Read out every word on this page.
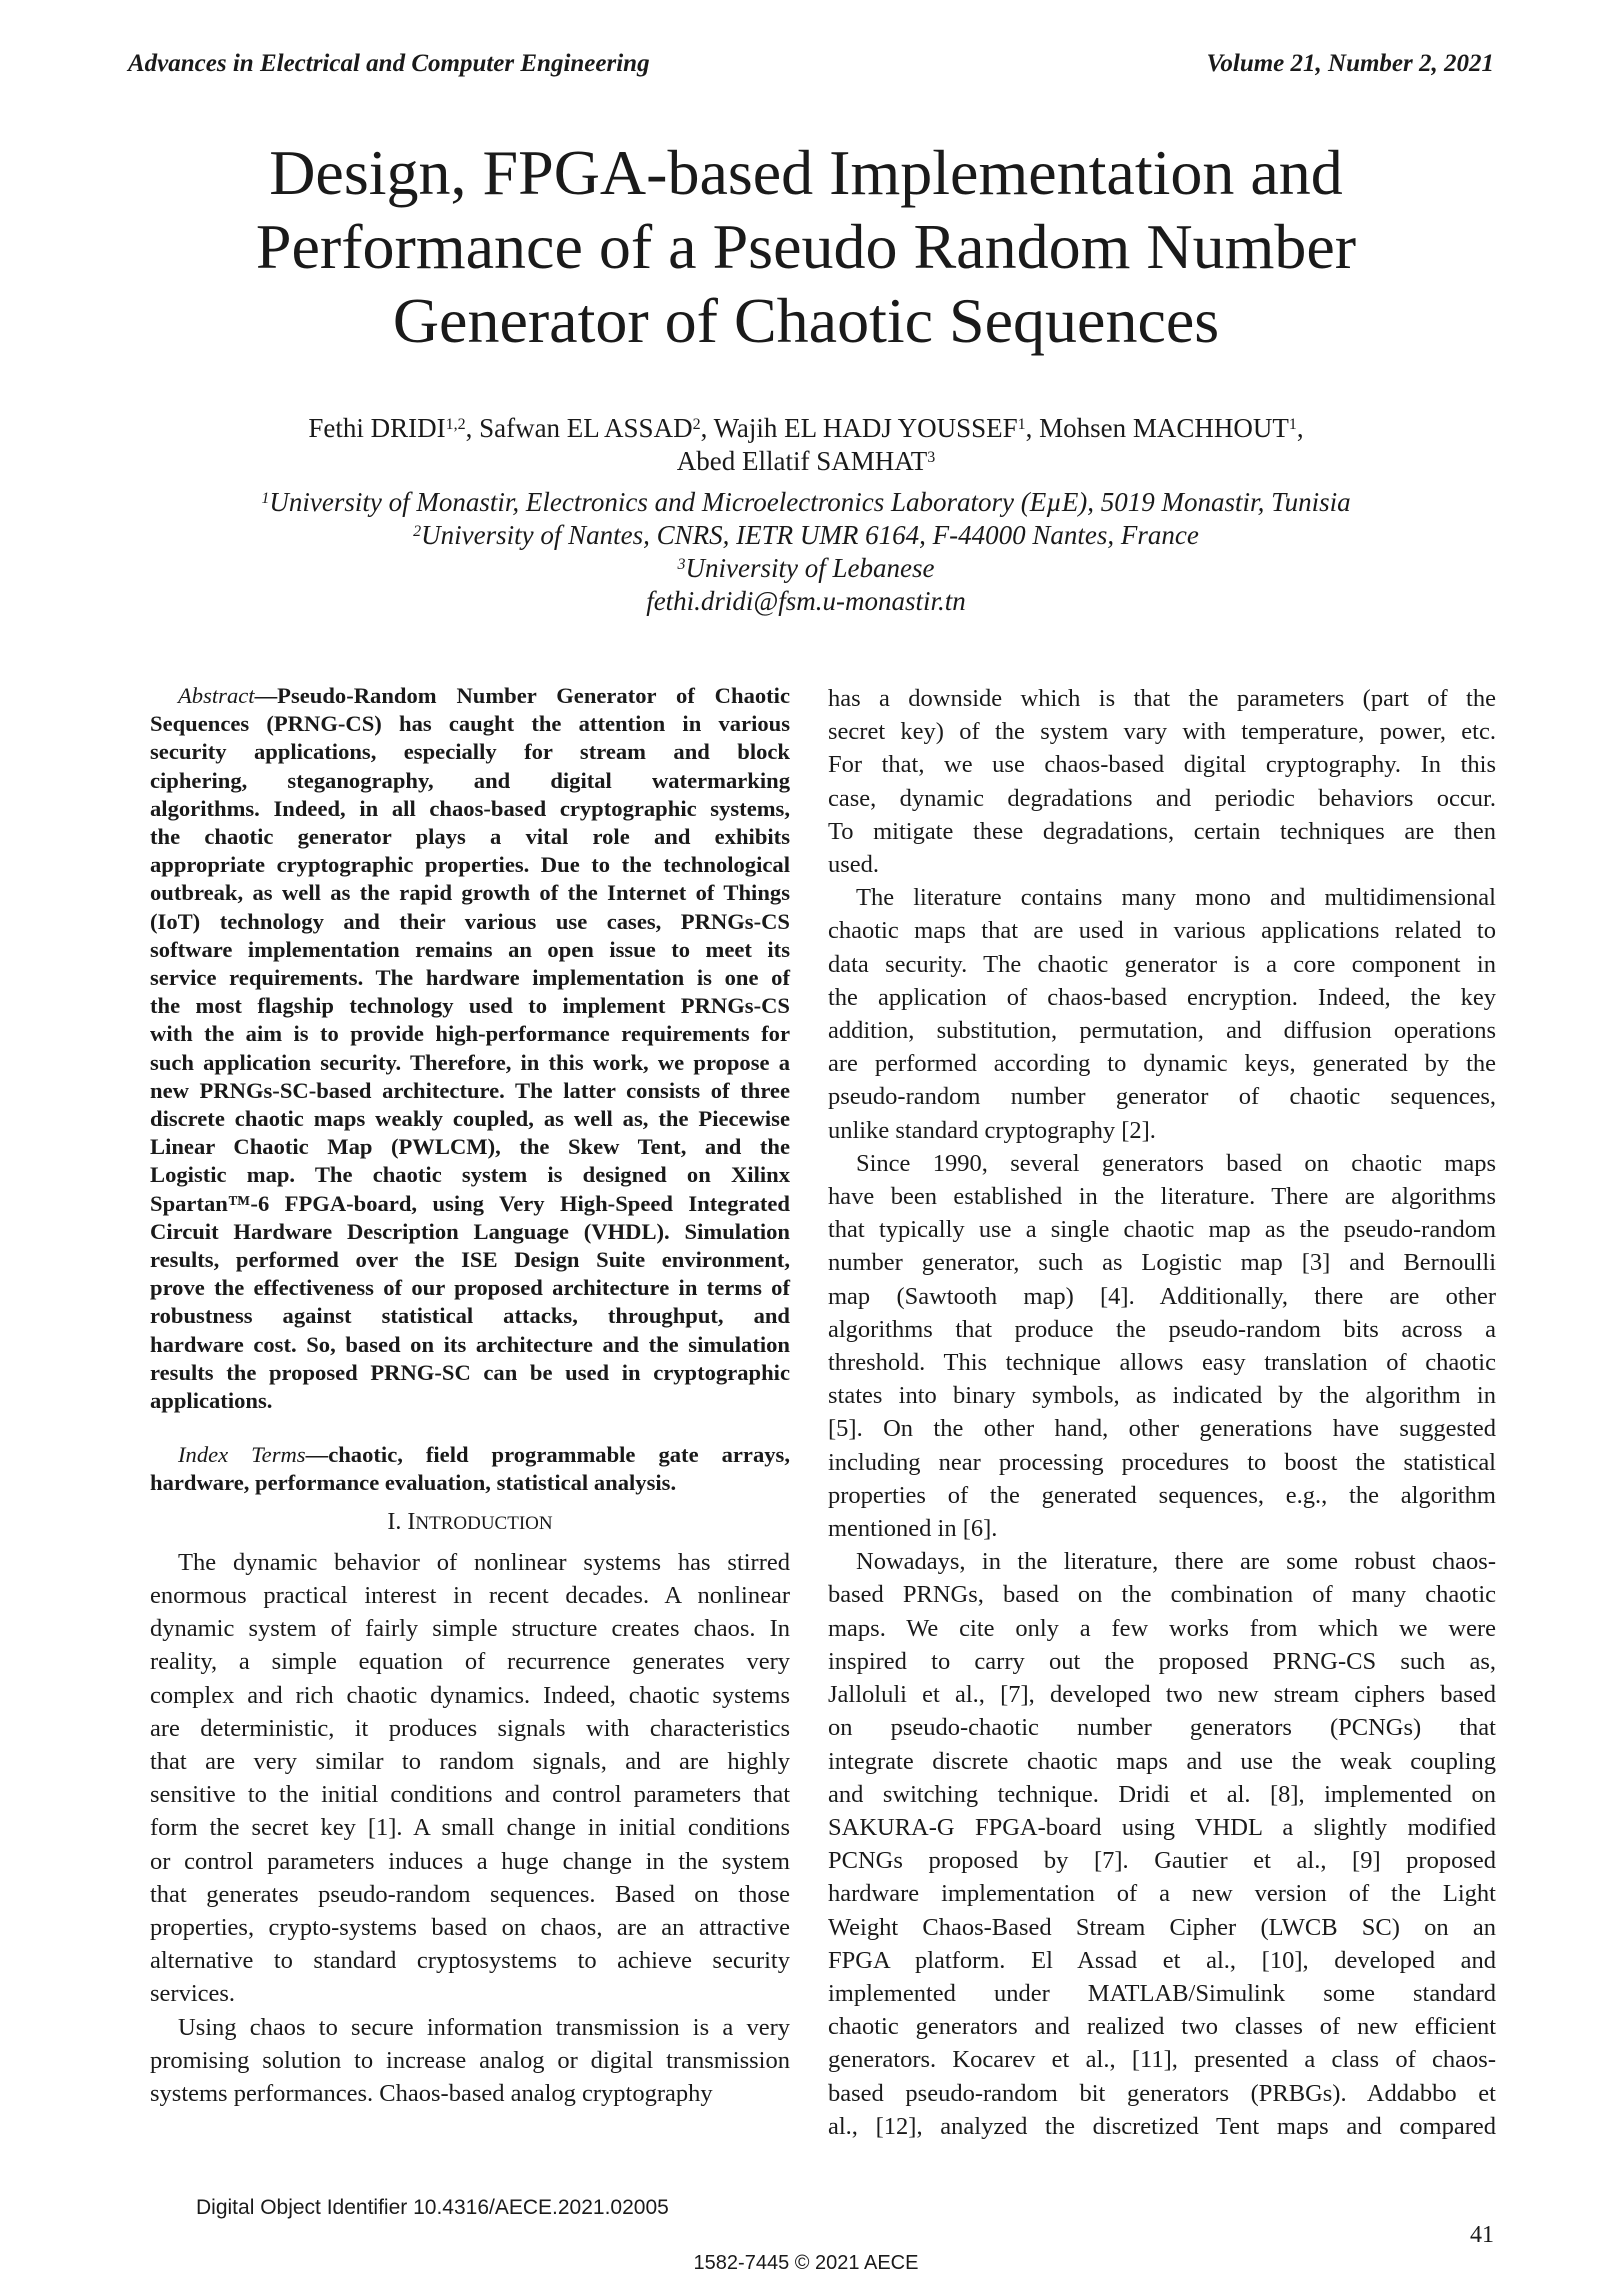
Advances in Electrical and Computer Engineering	Volume 21, Number 2, 2021
Design, FPGA-based Implementation and
Performance of a Pseudo Random Number
Generator of Chaotic Sequences
Fethi DRIDI$^{1,2}$, Safwan EL ASSAD$^2$, Wajih EL HADJ YOUSSEF$^1$, Mohsen MACHHOUT$^1$,
Abed Ellatif SAMHAT$^3$
$^1$University of Monastir, Electronics and Microelectronics Laboratory (EµE), 5019 Monastir, Tunisia
$^2$University of Nantes, CNRS, IETR UMR 6164, F-44000 Nantes, France
$^3$University of Lebanese
fethi.dridi@fsm.u-monastir.tn
Abstract—Pseudo-Random Number Generator of Chaotic
Sequences (PRNG-CS) has caught the attention in various
security applications, especially for stream and block
ciphering, steganography, and digital watermarking
algorithms. Indeed, in all chaos-based cryptographic systems,
the chaotic generator plays a vital role and exhibits
appropriate cryptographic properties. Due to the technological
outbreak, as well as the rapid growth of the Internet of Things
(IoT) technology and their various use cases, PRNGs-CS
software implementation remains an open issue to meet its
service requirements. The hardware implementation is one of
the most flagship technology used to implement PRNGs-CS
with the aim is to provide high-performance requirements for
such application security. Therefore, in this work, we propose a
new PRNGs-SC-based architecture. The latter consists of three
discrete chaotic maps weakly coupled, as well as, the Piecewise
Linear Chaotic Map (PWLCM), the Skew Tent, and the
Logistic map. The chaotic system is designed on Xilinx
Spartan™-6 FPGA-board, using Very High-Speed Integrated
Circuit Hardware Description Language (VHDL). Simulation
results, performed over the ISE Design Suite environment,
prove the effectiveness of our proposed architecture in terms of
robustness against statistical attacks, throughput, and
hardware cost. So, based on its architecture and the simulation
results the proposed PRNG-SC can be used in cryptographic
applications.
Index Terms—chaotic, field programmable gate arrays,
hardware, performance evaluation, statistical analysis.
I. INTRODUCTION
The dynamic behavior of nonlinear systems has stirred
enormous practical interest in recent decades. A nonlinear
dynamic system of fairly simple structure creates chaos. In
reality, a simple equation of recurrence generates very
complex and rich chaotic dynamics. Indeed, chaotic systems
are deterministic, it produces signals with characteristics
that are very similar to random signals, and are highly
sensitive to the initial conditions and control parameters that
form the secret key [1]. A small change in initial conditions
or control parameters induces a huge change in the system
that generates pseudo-random sequences. Based on those
properties, crypto-systems based on chaos, are an attractive
alternative to standard cryptosystems to achieve security
services.
Using chaos to secure information transmission is a very
promising solution to increase analog or digital transmission
systems performances. Chaos-based analog cryptography
has a downside which is that the parameters (part of the
secret key) of the system vary with temperature, power, etc.
For that, we use chaos-based digital cryptography. In this
case, dynamic degradations and periodic behaviors occur.
To mitigate these degradations, certain techniques are then
used.
The literature contains many mono and multidimensional
chaotic maps that are used in various applications related to
data security. The chaotic generator is a core component in
the application of chaos-based encryption. Indeed, the key
addition, substitution, permutation, and diffusion operations
are performed according to dynamic keys, generated by the
pseudo-random number generator of chaotic sequences,
unlike standard cryptography [2].
Since 1990, several generators based on chaotic maps
have been established in the literature. There are algorithms
that typically use a single chaotic map as the pseudo-random
number generator, such as Logistic map [3] and Bernoulli
map (Sawtooth map) [4]. Additionally, there are other
algorithms that produce the pseudo-random bits across a
threshold. This technique allows easy translation of chaotic
states into binary symbols, as indicated by the algorithm in
[5]. On the other hand, other generations have suggested
including near processing procedures to boost the statistical
properties of the generated sequences, e.g., the algorithm
mentioned in [6].
Nowadays, in the literature, there are some robust chaos-
based PRNGs, based on the combination of many chaotic
maps. We cite only a few works from which we were
inspired to carry out the proposed PRNG-CS such as,
Jalloluli et al., [7], developed two new stream ciphers based
on pseudo-chaotic number generators (PCNGs) that
integrate discrete chaotic maps and use the weak coupling
and switching technique. Dridi et al. [8], implemented on
SAKURA-G FPGA-board using VHDL a slightly modified
PCNGs proposed by [7]. Gautier et al., [9] proposed
hardware implementation of a new version of the Light
Weight Chaos-Based Stream Cipher (LWCB SC) on an
FPGA platform. El Assad et al., [10], developed and
implemented under MATLAB/Simulink some standard
chaotic generators and realized two classes of new efficient
generators. Kocarev et al., [11], presented a class of chaos-
based pseudo-random bit generators (PRBGs). Addabbo et
al., [12], analyzed the discretized Tent maps and compared
Digital Object Identifier 10.4316/AECE.2021.02005
41
1582-7445 © 2021 AECE
